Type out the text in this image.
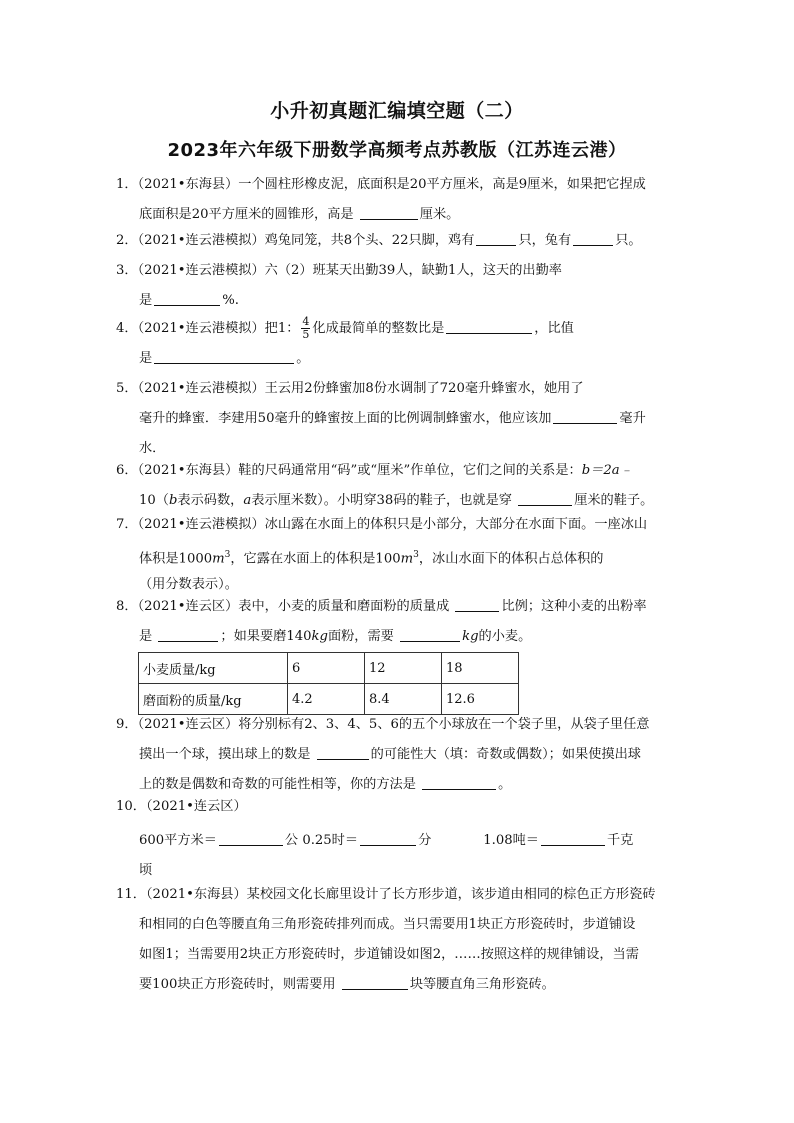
小升初真题汇编填空题（二）
2023年六年级下册数学高频考点苏教版（江苏连云港）
1．（2021•东海县）一个圆柱形橡皮泥，底面积是20平方厘米，高是9厘米，如果把它捏成
底面积是20平方厘米的圆锥形，高是	厘米。
2．（2021•连云港模拟）鸡兔同笼，共8个头、22只脚，鸡有	只，兔有	只。
3．（2021•连云港模拟）六（2）班某天出勤39人，缺勤1人，这天的出勤率
是	%.
4．（2021•连云港模拟）把1： $\frac{4}{5}$ 化成最简单的整数比是	，比值
是	。
5．（2021•连云港模拟）王云用2份蜂蜜加8份水调制了720毫升蜂蜜水，她用了
毫升的蜂蜜．李建用50毫升的蜂蜜按上面的比例调制蜂蜜水，他应该加	毫升
水．
6．（2021•东海县）鞋的尺码通常用“码”或“厘米”作单位，它们之间的关系是：b＝2a﹣
10（b表示码数，a表示厘米数）。小明穿38码的鞋子，也就是穿	厘米的鞋子。
7．（2021•连云港模拟）冰山露在水面上的体积只是小部分，大部分在水面下面。一座冰山
体积是$1000m^3$，它露在水面上的体积是$100m^3$，冰山水面下的体积占总体积的
（用分数表示）。
8．（2021•连云区）表中，小麦的质量和磨面粉的质量成	比例；这种小麦的出粉率
是	；如果要磨140kg面粉，需要	kg的小麦。
小麦质量/kg	6	12	18
磨面粉的质量/kg	4.2	8.4	12.6
9．（2021•连云区）将分别标有2、3、4、5、6的五个小球放在一个袋子里，从袋子里任意
摸出一个球，摸出球上的数是	的可能性大（填：奇数或偶数）；如果使摸出球
上的数是偶数和奇数的可能性相等，你的方法是	。
10．（2021•连云区）
600平方米＝	公 0.25时＝	分	1.08吨＝	千克
顷
11．（2021•东海县）某校园文化长廊里设计了长方形步道，该步道由相同的棕色正方形瓷砖
和相同的白色等腰直角三角形瓷砖排列而成。当只需要用1块正方形瓷砖时，步道铺设
如图1；当需要用2块正方形瓷砖时，步道铺设如图2，……按照这样的规律铺设，当需
要100块正方形瓷砖时，则需要用	块等腰直角三角形瓷砖。
